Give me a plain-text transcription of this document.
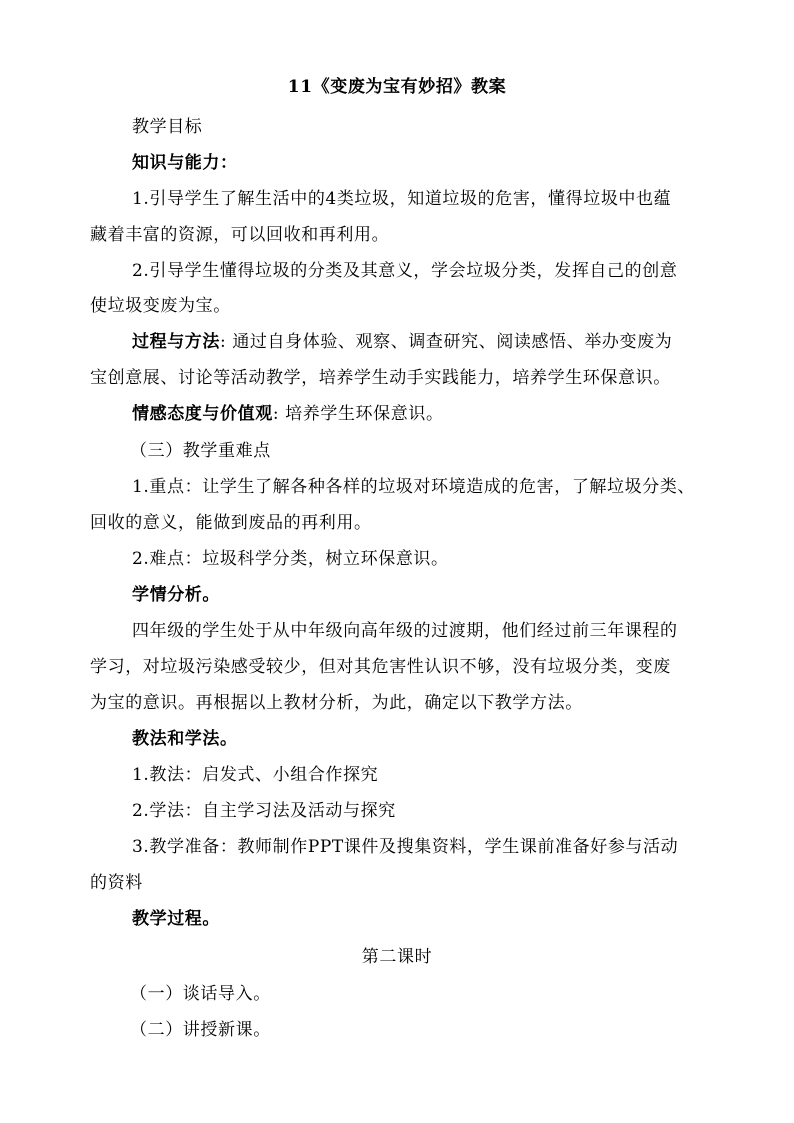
11《变废为宝有妙招》教案
教学目标
知识与能力：
1.引导学生了解生活中的4类垃圾，知道垃圾的危害，懂得垃圾中也蕴
藏着丰富的资源，可以回收和再利用。
2.引导学生懂得垃圾的分类及其意义，学会垃圾分类，发挥自己的创意
使垃圾变废为宝。
过程与方法: 通过自身体验、观察、调查研究、阅读感悟、举办变废为
宝创意展、讨论等活动教学，培养学生动手实践能力，培养学生环保意识。
情感态度与价值观: 培养学生环保意识。
（三）教学重难点
1.重点：让学生了解各种各样的垃圾对环境造成的危害，了解垃圾分类、
回收的意义，能做到废品的再利用。
2.难点：垃圾科学分类，树立环保意识。
学情分析。
四年级的学生处于从中年级向高年级的过渡期，他们经过前三年课程的
学习，对垃圾污染感受较少，但对其危害性认识不够，没有垃圾分类，变废
为宝的意识。再根据以上教材分析，为此，确定以下教学方法。
教法和学法。
1.教法：启发式、小组合作探究
2.学法：自主学习法及活动与探究
3.教学准备：教师制作PPT课件及搜集资料，学生课前准备好参与活动
的资料
教学过程。
第二课时
（一）谈话导入。
（二）讲授新课。
